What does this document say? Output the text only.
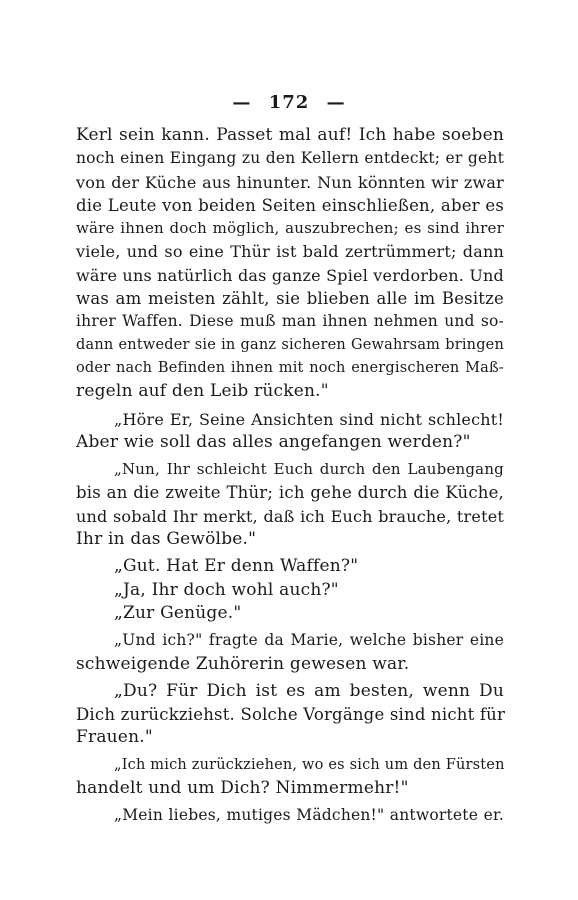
— 172 —
Kerl sein kann. Passet mal auf! Ich habe soeben
noch einen Eingang zu den Kellern entdeckt; er geht
von der Küche aus hinunter. Nun könnten wir zwar
die Leute von beiden Seiten einschließen, aber es
wäre ihnen doch möglich, auszubrechen; es sind ihrer
viele, und so eine Thür ist bald zertrümmert; dann
wäre uns natürlich das ganze Spiel verdorben. Und
was am meisten zählt, sie blieben alle im Besitze
ihrer Waffen. Diese muß man ihnen nehmen und so-
dann entweder sie in ganz sicheren Gewahrsam bringen
oder nach Befinden ihnen mit noch energischeren Maß-
regeln auf den Leib rücken."
„Höre Er, Seine Ansichten sind nicht schlecht!
Aber wie soll das alles angefangen werden?"
„Nun, Ihr schleicht Euch durch den Laubengang
bis an die zweite Thür; ich gehe durch die Küche,
und sobald Ihr merkt, daß ich Euch brauche, tretet
Ihr in das Gewölbe."
„Gut. Hat Er denn Waffen?"
„Ja, Ihr doch wohl auch?"
„Zur Genüge."
„Und ich?" fragte da Marie, welche bisher eine
schweigende Zuhörerin gewesen war.
„Du? Für Dich ist es am besten, wenn Du
Dich zurückziehst. Solche Vorgänge sind nicht für
Frauen."
„Ich mich zurückziehen, wo es sich um den Fürsten
handelt und um Dich? Nimmermehr!"
„Mein liebes, mutiges Mädchen!" antwortete er.
